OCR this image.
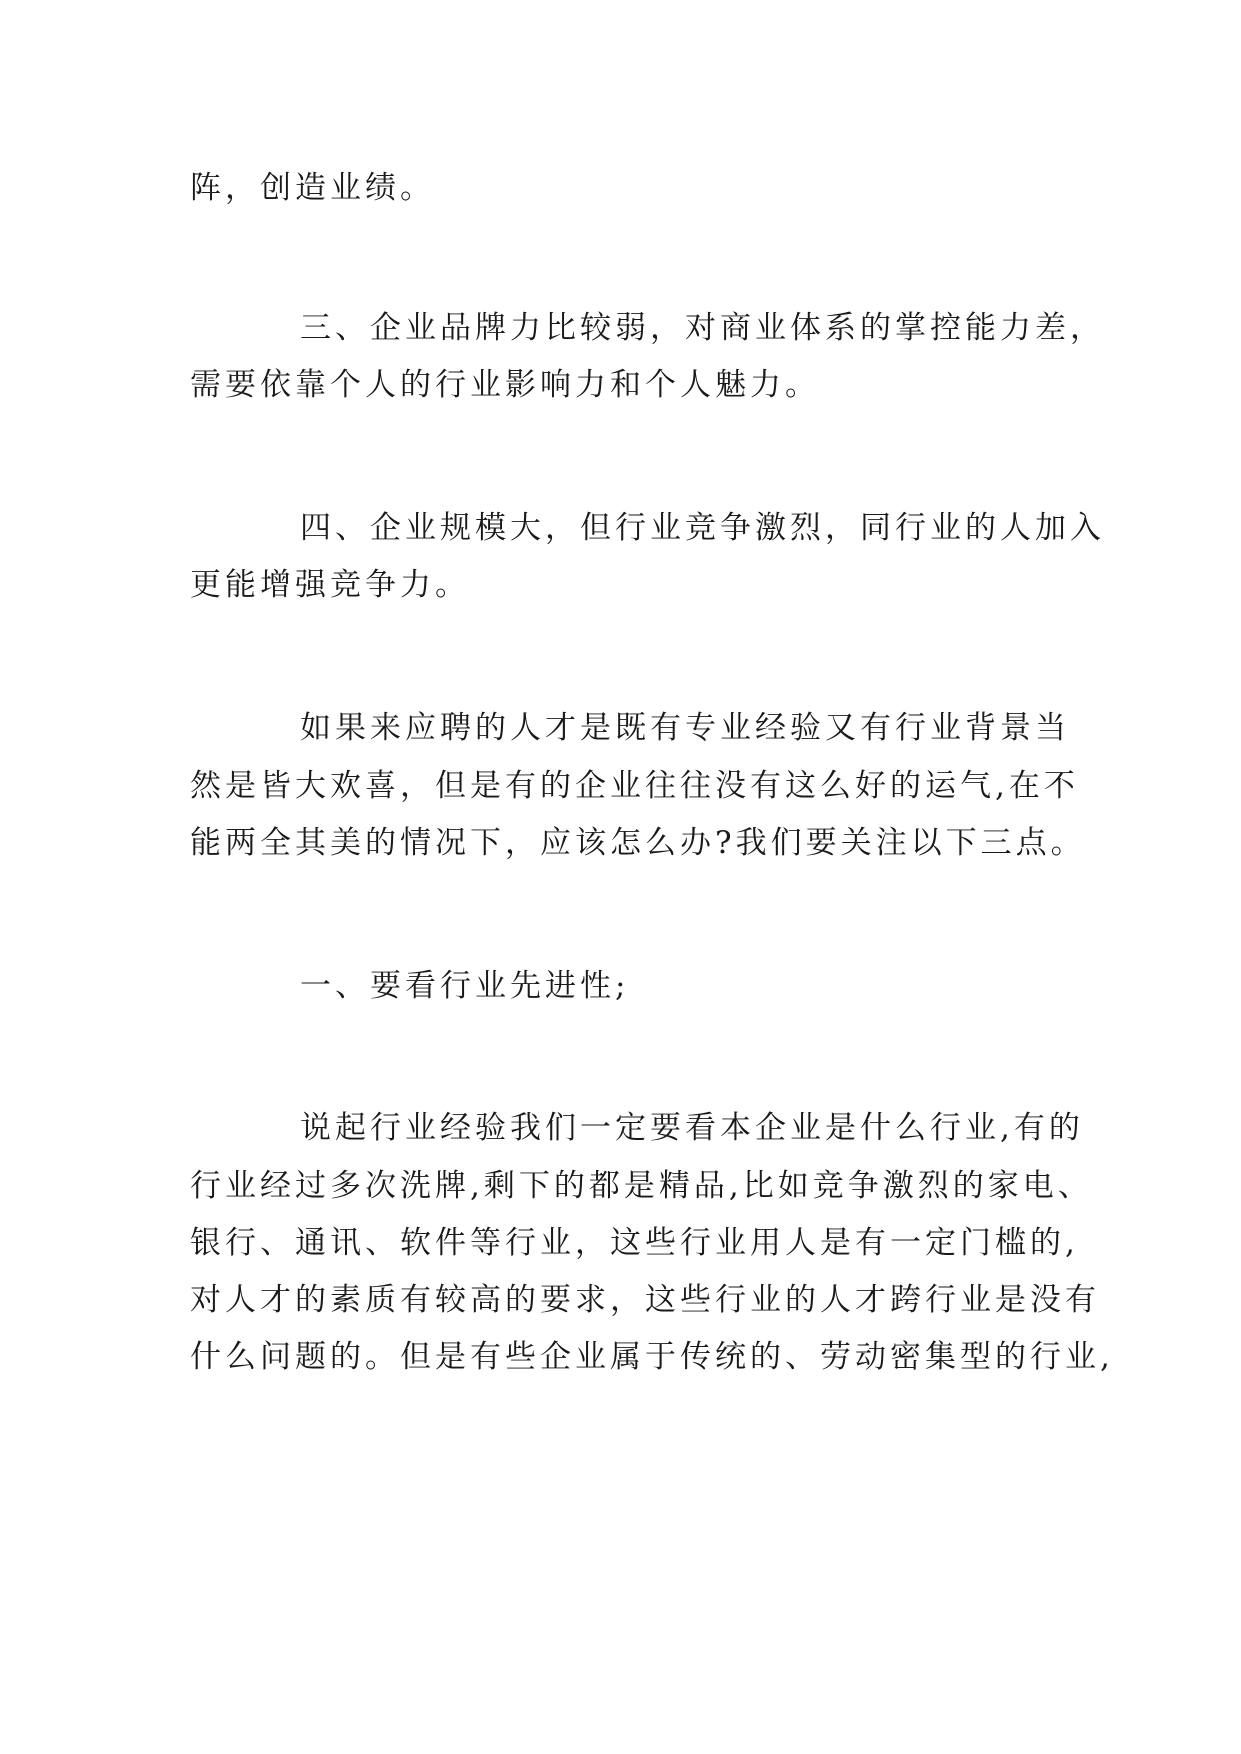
阵，创造业绩。
三、企业品牌力比较弱，对商业体系的掌控能力差，
需要依靠个人的行业影响力和个人魅力。
四、企业规模大，但行业竞争激烈，同行业的人加入
更能增强竞争力。
如果来应聘的人才是既有专业经验又有行业背景当
然是皆大欢喜，但是有的企业往往没有这么好的运气,在不
能两全其美的情况下，应该怎么办?我们要关注以下三点。
一、要看行业先进性;
说起行业经验我们一定要看本企业是什么行业,有的
行业经过多次洗牌,剩下的都是精品,比如竞争激烈的家电、
银行、通讯、软件等行业，这些行业用人是有一定门槛的,
对人才的素质有较高的要求，这些行业的人才跨行业是没有
什么问题的。但是有些企业属于传统的、劳动密集型的行业,
